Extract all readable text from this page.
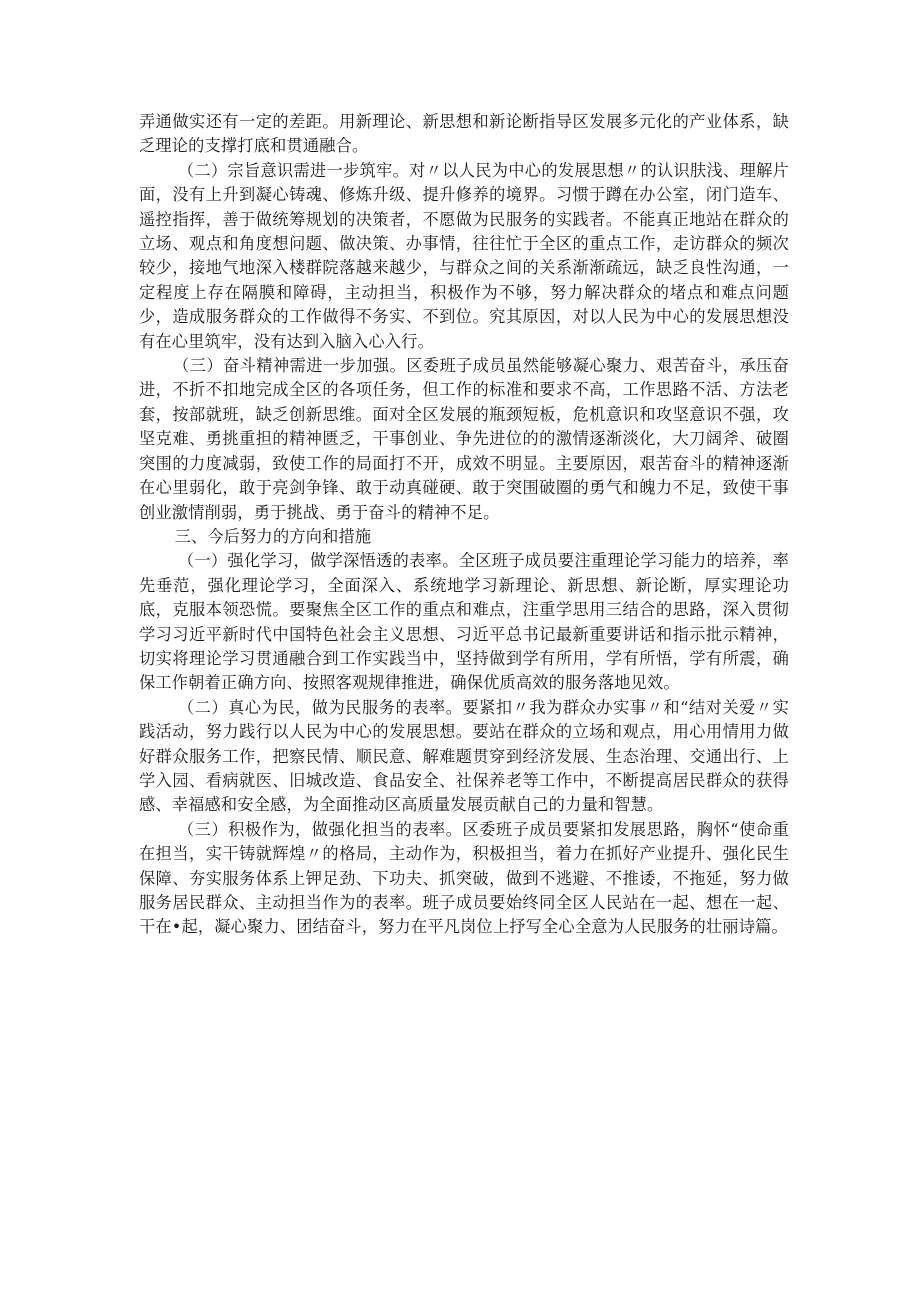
弄通做实还有一定的差距。用新理论、新思想和新论断指导区发展多元化的产业体系，缺乏理论的支撑打底和贯通融合。

（二）宗旨意识需进一步筑牢。对〃以人民为中心的发展思想〃的认识肤浅、理解片面，没有上升到凝心铸魂、修炼升级、提升修养的境界。习惯于蹲在办公室，闭门造车、遥控指挥，善于做统筹规划的决策者，不愿做为民服务的实践者。不能真正地站在群众的立场、观点和角度想问题、做决策、办事情，往往忙于全区的重点工作，走访群众的频次较少，接地气地深入楼群院落越来越少，与群众之间的关系渐渐疏远，缺乏良性沟通，一定程度上存在隔膜和障碍，主动担当，积极作为不够，努力解决群众的堵点和难点问题少，造成服务群众的工作做得不务实、不到位。究其原因，对以人民为中心的发展思想没有在心里筑牢，没有达到入脑入心入行。

（三）奋斗精神需进一步加强。区委班子成员虽然能够凝心聚力、艰苦奋斗，承压奋进，不折不扣地完成全区的各项任务，但工作的标准和要求不高，工作思路不活、方法老套，按部就班，缺乏创新思维。面对全区发展的瓶颈短板，危机意识和攻坚意识不强，攻坚克难、勇挑重担的精神匮乏，干事创业、争先进位的的激情逐渐淡化，大刀阔斧、破圈突围的力度减弱，致使工作的局面打不开，成效不明显。主要原因，艰苦奋斗的精神逐渐在心里弱化，敢于亮剑争锋、敢于动真碰硬、敢于突围破圈的勇气和魄力不足，致使干事创业激情削弱，勇于挑战、勇于奋斗的精神不足。

三、今后努力的方向和措施

（一）强化学习，做学深悟透的表率。全区班子成员要注重理论学习能力的培养，率先垂范，强化理论学习，全面深入、系统地学习新理论、新思想、新论断，厚实理论功底，克服本领恐慌。要聚焦全区工作的重点和难点，注重学思用三结合的思路，深入贯彻学习习近平新时代中国特色社会主义思想、习近平总书记最新重要讲话和指示批示精神，切实将理论学习贯通融合到工作实践当中，坚持做到学有所用，学有所悟，学有所震，确保工作朝着正确方向、按照客观规律推进，确保优质高效的服务落地见效。

（二）真心为民，做为民服务的表率。要紧扣〃我为群众办实事〃和“结对关爱〃实践活动，努力践行以人民为中心的发展思想。要站在群众的立场和观点，用心用情用力做好群众服务工作，把察民情、顺民意、解难题贯穿到经济发展、生态治理、交通出行、上学入园、看病就医、旧城改造、食品安全、社保养老等工作中，不断提高居民群众的获得感、幸福感和安全感，为全面推动区高质量发展贡献自己的力量和智慧。

（三）积极作为，做强化担当的表率。区委班子成员要紧扣发展思路，胸怀“使命重在担当，实干铸就辉煌〃的格局，主动作为，积极担当，着力在抓好产业提升、强化民生保障、夯实服务体系上钾足劲、下功夫、抓突破，做到不逃避、不推诿，不拖延，努力做服务居民群众、主动担当作为的表率。班子成员要始终同全区人民站在一起、想在一起、干在•起，凝心聚力、团结奋斗，努力在平凡岗位上抒写全心全意为人民服务的壮丽诗篇。
